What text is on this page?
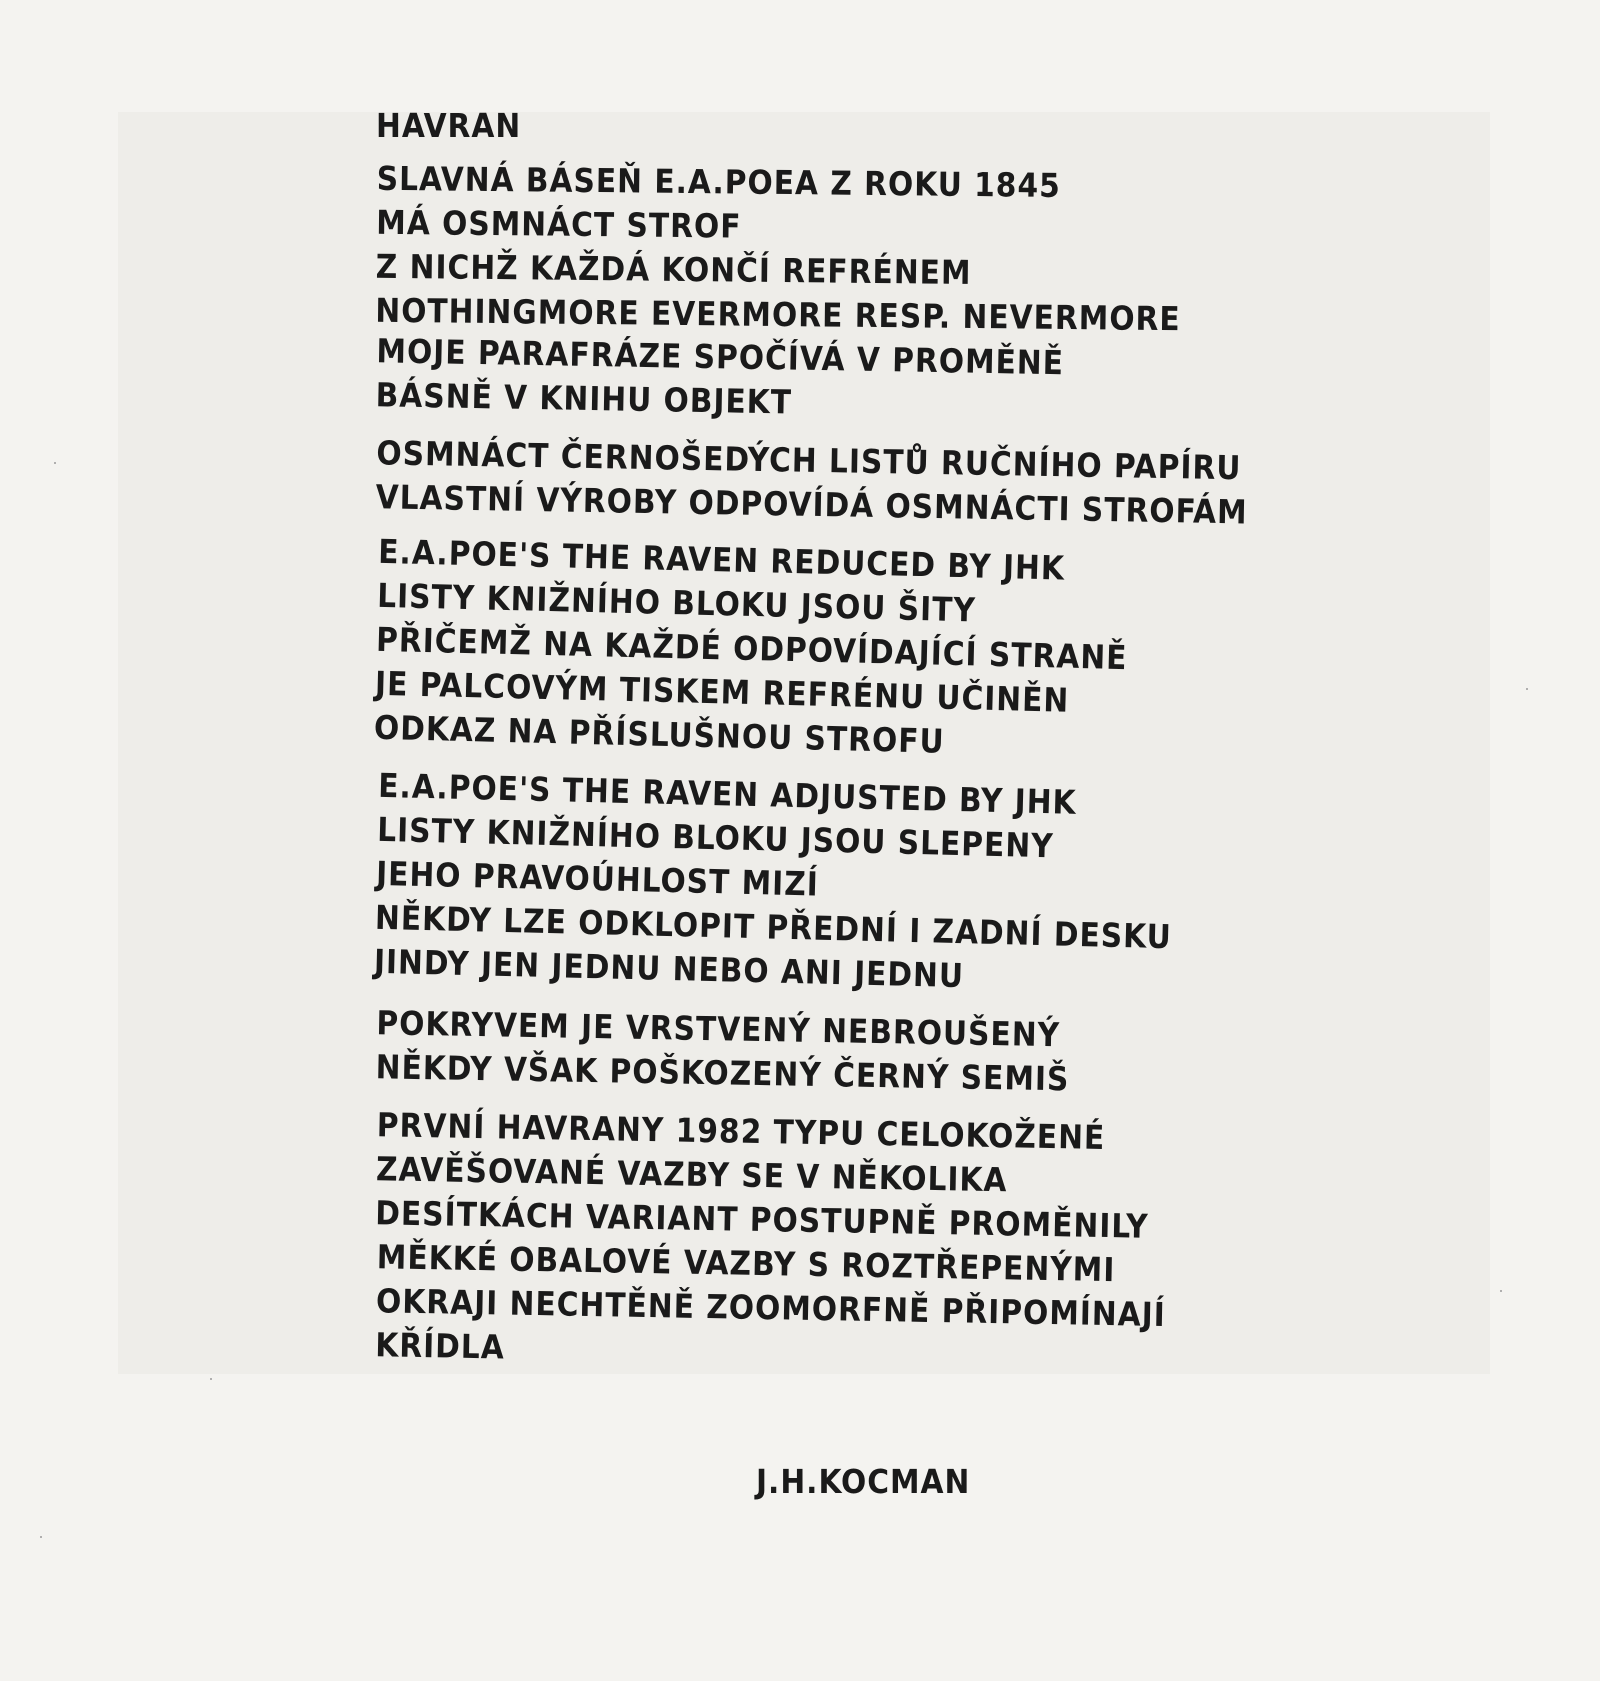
HAVRAN
SLAVNÁ BÁSEŇ E.A.POEA Z ROKU 1845
MÁ OSMNÁCT STROF
Z NICHŽ KAŽDÁ KONČÍ REFRÉNEM
NOTHINGMORE EVERMORE RESP. NEVERMORE
MOJE PARAFRÁZE SPOČÍVÁ V PROMĚNĚ
BÁSNĚ V KNIHU OBJEKT
OSMNÁCT ČERNOŠEDÝCH LISTŮ RUČNÍHO PAPÍRU
VLASTNÍ VÝROBY ODPOVÍDÁ OSMNÁCTI STROFÁM
E.A.POE'S THE RAVEN REDUCED BY JHK
LISTY KNIŽNÍHO BLOKU JSOU ŠITY
PŘIČEMŽ NA KAŽDÉ ODPOVÍDAJÍCÍ STRANĚ
JE PALCOVÝM TISKEM REFRÉNU UČINĚN
ODKAZ NA PŘÍSLUŠNOU STROFU
E.A.POE'S THE RAVEN ADJUSTED BY JHK
LISTY KNIŽNÍHO BLOKU JSOU SLEPENY
JEHO PRAVOÚHLOST MIZÍ
NĚKDY LZE ODKLOPIT PŘEDNÍ I ZADNÍ DESKU
JINDY JEN JEDNU NEBO ANI JEDNU
POKRYVEM JE VRSTVENÝ NEBROUŠENÝ
NĚKDY VŠAK POŠKOZENÝ ČERNÝ SEMIŠ
PRVNÍ HAVRANY 1982 TYPU CELOKOŽENÉ
ZAVĚŠOVANÉ VAZBY SE V NĚKOLIKA
DESÍTKÁCH VARIANT POSTUPNĚ PROMĚNILY
MĚKKÉ OBALOVÉ VAZBY S ROZTŘEPENÝMI
OKRAJI NECHTĚNĚ ZOOMORFNĚ PŘIPOMÍNAJÍ
KŘÍDLA
J.H.KOCMAN
